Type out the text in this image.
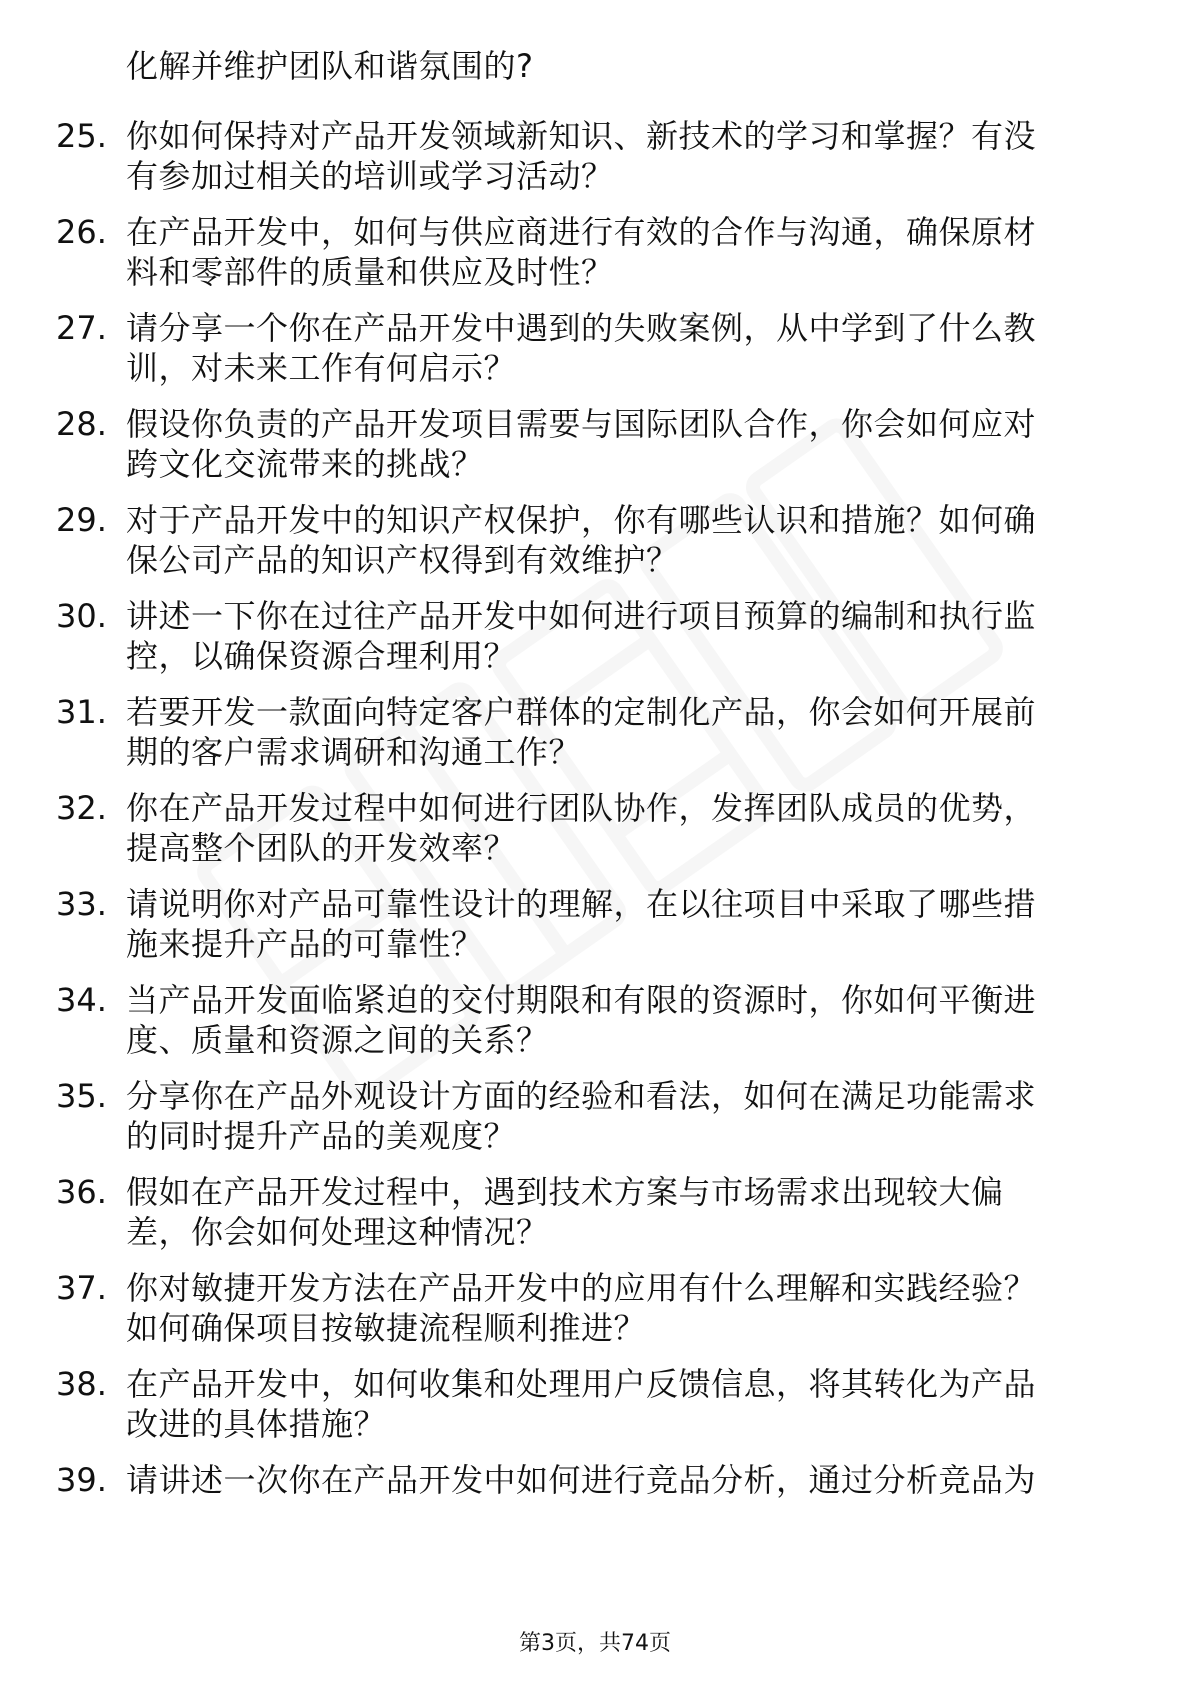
化解并维护团队和谐氛围的?
25. 你如何保持对产品开发领域新知识、新技术的学习和掌握？有没
有参加过相关的培训或学习活动？
26. 在产品开发中，如何与供应商进行有效的合作与沟通，确保原材
料和零部件的质量和供应及时性？
27. 请分享一个你在产品开发中遇到的失败案例，从中学到了什么教
训，对未来工作有何启示？
28. 假设你负责的产品开发项目需要与国际团队合作，你会如何应对
跨文化交流带来的挑战？
29. 对于产品开发中的知识产权保护，你有哪些认识和措施？如何确
保公司产品的知识产权得到有效维护？
30. 讲述一下你在过往产品开发中如何进行项目预算的编制和执行监
控，以确保资源合理利用？
31. 若要开发一款面向特定客户群体的定制化产品，你会如何开展前
期的客户需求调研和沟通工作？
32. 你在产品开发过程中如何进行团队协作，发挥团队成员的优势，
提高整个团队的开发效率？
33. 请说明你对产品可靠性设计的理解，在以往项目中采取了哪些措
施来提升产品的可靠性？
34. 当产品开发面临紧迫的交付期限和有限的资源时，你如何平衡进
度、质量和资源之间的关系？
35. 分享你在产品外观设计方面的经验和看法，如何在满足功能需求
的同时提升产品的美观度？
36. 假如在产品开发过程中，遇到技术方案与市场需求出现较大偏
差，你会如何处理这种情况？
37. 你对敏捷开发方法在产品开发中的应用有什么理解和实践经验？
如何确保项目按敏捷流程顺利推进？
38. 在产品开发中，如何收集和处理用户反馈信息，将其转化为产品
改进的具体措施？
39. 请讲述一次你在产品开发中如何进行竞品分析，通过分析竞品为
第3页，共74页
